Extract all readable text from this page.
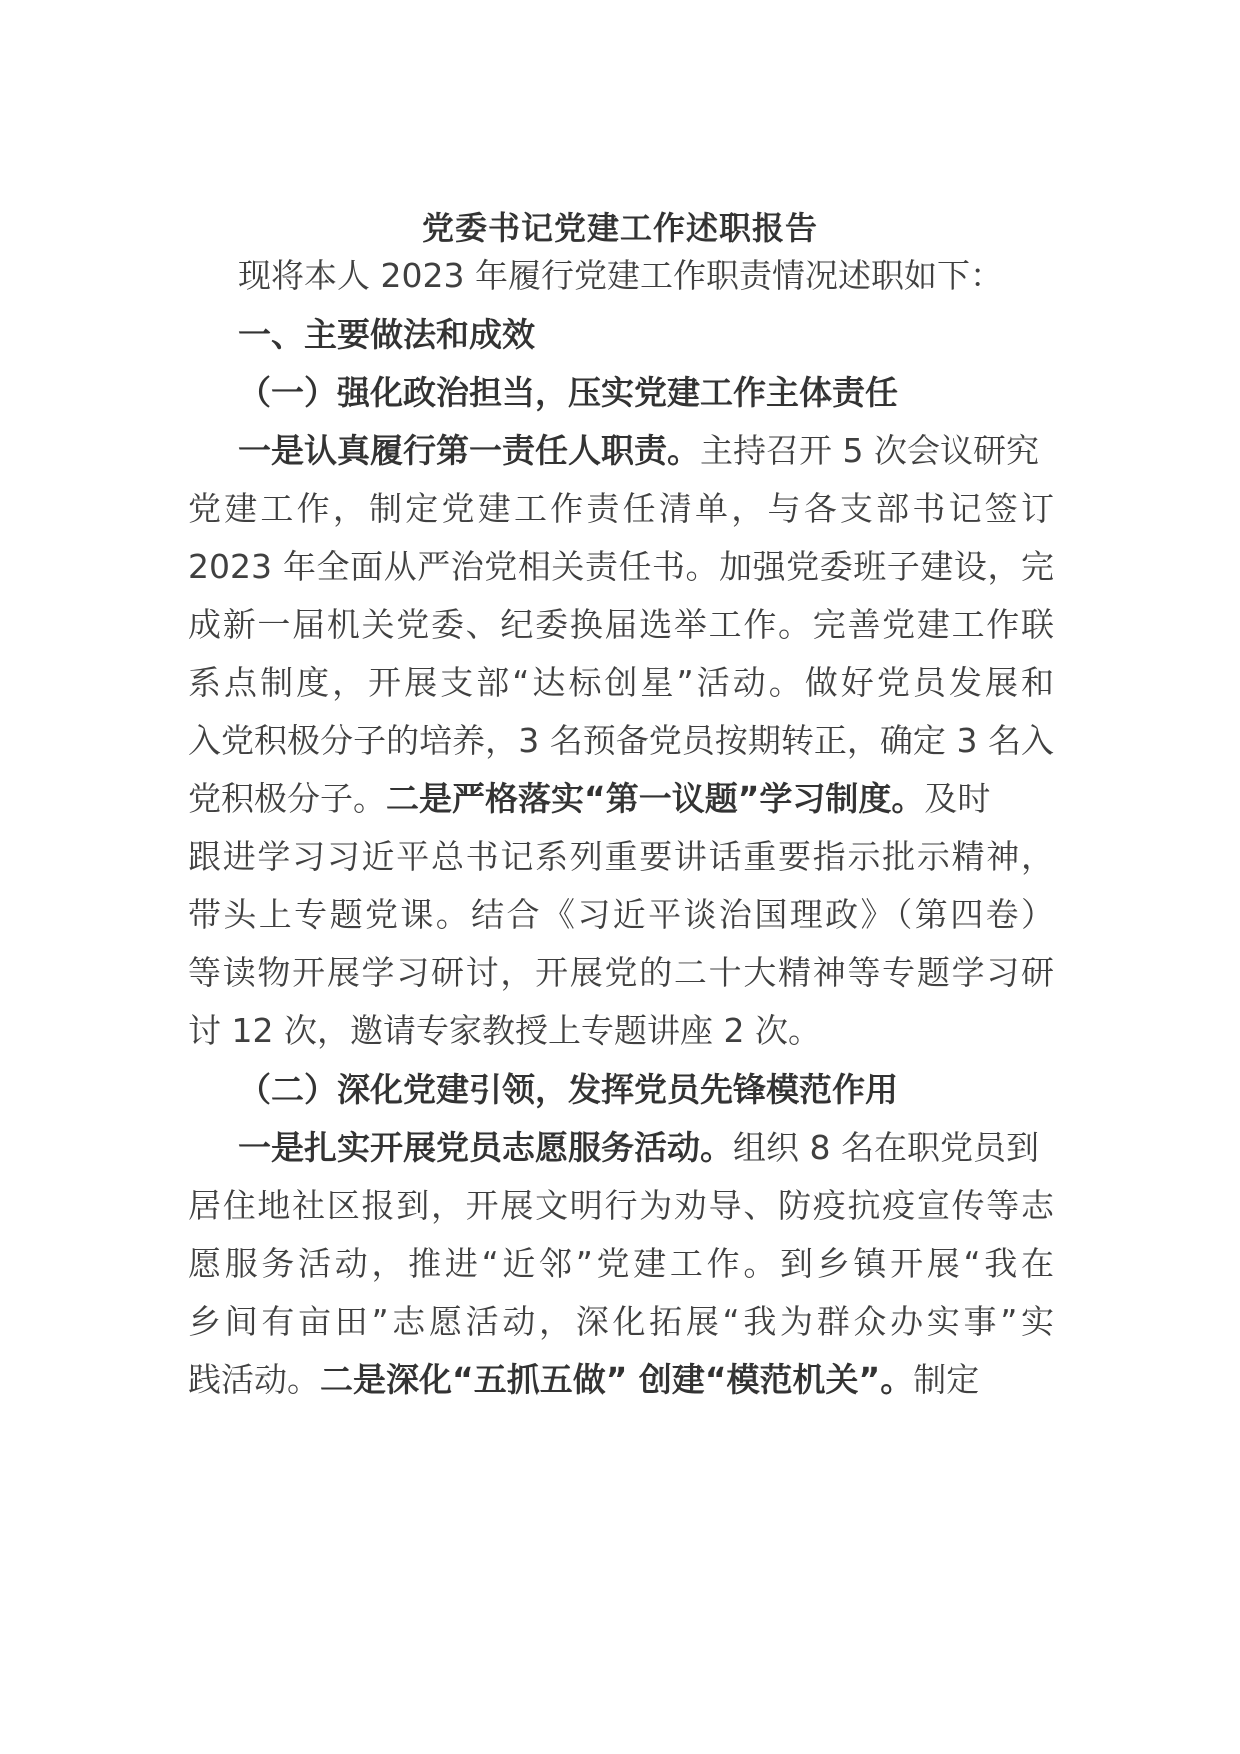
党委书记党建工作述职报告
现将本人 2023 年履行党建工作职责情况述职如下：
一、主要做法和成效
（一）强化政治担当，压实党建工作主体责任
一是认真履行第一责任人职责。主持召开 5 次会议研究
党建工作，制定党建工作责任清单，与各支部书记签订
2023 年全面从严治党相关责任书。加强党委班子建设，完
成新一届机关党委、纪委换届选举工作。完善党建工作联
系点制度，开展支部“达标创星”活动。做好党员发展和
入党积极分子的培养，3 名预备党员按期转正，确定 3 名入
党积极分子。二是严格落实“第一议题”学习制度。及时
跟进学习习近平总书记系列重要讲话重要指示批示精神，
带头上专题党课。结合《习近平谈治国理政》（第四卷）
等读物开展学习研讨，开展党的二十大精神等专题学习研
讨 12 次，邀请专家教授上专题讲座 2 次。
（二）深化党建引领，发挥党员先锋模范作用
一是扎实开展党员志愿服务活动。组织 8 名在职党员到
居住地社区报到，开展文明行为劝导、防疫抗疫宣传等志
愿服务活动，推进“近邻”党建工作。到乡镇开展“我在
乡间有亩田”志愿活动，深化拓展“我为群众办实事”实
践活动。二是深化“五抓五做” 创建“模范机关”。制定
